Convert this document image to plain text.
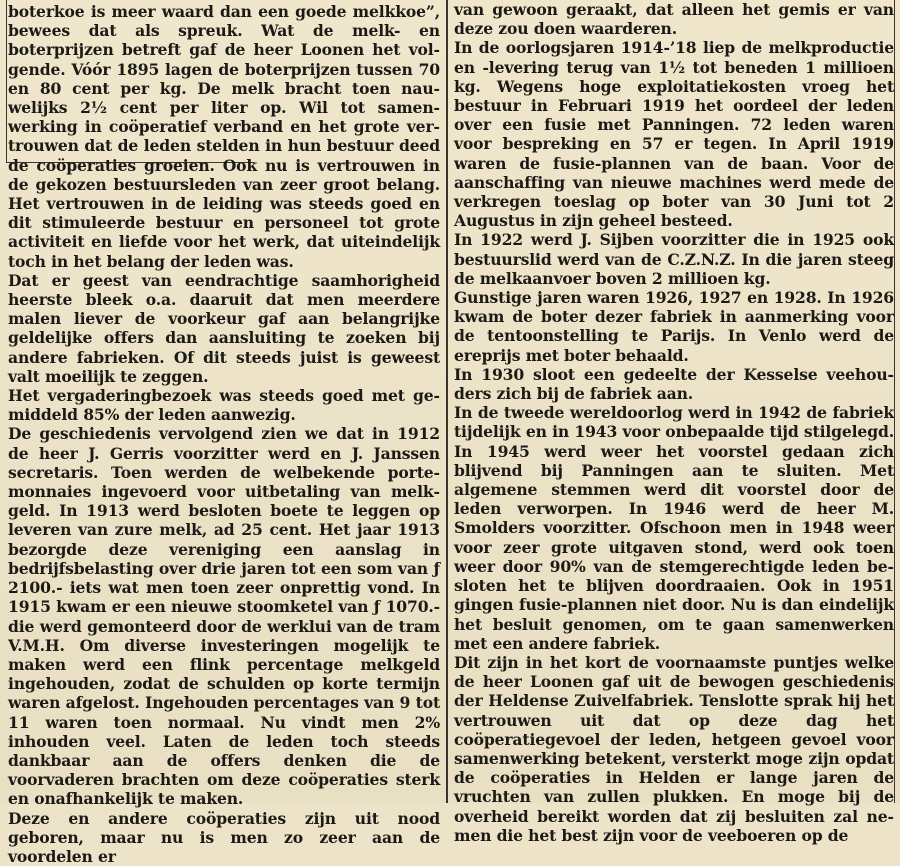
boterkoe is meer waard dan een goede melkkoe”, bewees dat als spreuk. Wat de melk- en boterprijzen betreft gaf de heer Loonen het volgende. Vóór 1895 lagen de boterprijzen tussen 70 en 80 cent per kg. De melk bracht toen nauwelijks 2½ cent per liter op. Wil tot samenwerking in coöperatief verband en het grote vertrouwen dat de leden stelden in hun bestuur deed de coöperaties groeien. Ook nu is vertrouwen in de gekozen bestuursleden van zeer groot belang. Het vertrouwen in de leiding was steeds goed en dit stimuleerde bestuur en personeel tot grote activiteit en liefde voor het werk, dat uiteindelijk toch in het belang der leden was.

Dat er geest van eendrachtige saamhorigheid heerste bleek o.a. daaruit dat men meerdere malen liever de voorkeur gaf aan belangrijke geldelijke offers dan aansluiting te zoeken bij andere fabrieken. Of dit steeds juist is geweest valt moeilijk te zeggen.

Het vergaderingbezoek was steeds goed met gemiddeld 85% der leden aanwezig.

De geschiedenis vervolgend zien we dat in 1912 de heer J. Gerris voorzitter werd en J. Janssen secretaris. Toen werden de welbekende portemonnaies ingevoerd voor uitbetaling van melkgeld. In 1913 werd besloten boete te leggen op leveren van zure melk, ad 25 cent. Het jaar 1913 bezorgde deze vereniging een aanslag in bedrijfsbelasting over drie jaren tot een som van ƒ 2100.- iets wat men toen zeer onprettig vond. In 1915 kwam er een nieuwe stoomketel van ƒ 1070.- die werd gemonteerd door de werklui van de tram V.M.H. Om diverse investeringen mogelijk te maken werd een flink percentage melkgeld ingehouden, zodat de schulden op korte termijn waren afgelost. Ingehouden percentages van 9 tot 11 waren toen normaal. Nu vindt men 2% inhouden veel. Laten de leden toch steeds dankbaar aan de offers denken die de voorvaderen brachten om deze coöperaties sterk en onafhankelijk te maken.

Deze en andere coöperaties zijn uit nood geboren, maar nu is men zo zeer aan de voordelen er

van gewoon geraakt, dat alleen het gemis er van deze zou doen waarderen.

In de oorlogsjaren 1914-’18 liep de melkproductie en -levering terug van 1½ tot beneden 1 millioen kg. Wegens hoge exploitatiekosten vroeg het bestuur in Februari 1919 het oordeel der leden over een fusie met Panningen. 72 leden waren voor bespreking en 57 er tegen. In April 1919 waren de fusie-plannen van de baan. Voor de aanschaffing van nieuwe machines werd mede de verkregen toeslag op boter van 30 Juni tot 2 Augustus in zijn geheel besteed.

In 1922 werd J. Sijben voorzitter die in 1925 ook bestuurslid werd van de C.Z.N.Z. In die jaren steeg de melkaanvoer boven 2 millioen kg.

Gunstige jaren waren 1926, 1927 en 1928. In 1926 kwam de boter dezer fabriek in aanmerking voor de tentoonstelling te Parijs. In Venlo werd de ereprijs met boter behaald.

In 1930 sloot een gedeelte der Kesselse veehouders zich bij de fabriek aan.

In de tweede wereldoorlog werd in 1942 de fabriek tijdelijk en in 1943 voor onbepaalde tijd stilgelegd. In 1945 werd weer het voorstel gedaan zich blijvend bij Panningen aan te sluiten. Met algemene stemmen werd dit voorstel door de leden verworpen. In 1946 werd de heer M. Smolders voorzitter. Ofschoon men in 1948 weer voor zeer grote uitgaven stond, werd ook toen weer door 90% van de stemgerechtigde leden besloten het te blijven doordraaien. Ook in 1951 gingen fusie-plannen niet door. Nu is dan eindelijk het besluit genomen, om te gaan samenwerken met een andere fabriek.

Dit zijn in het kort de voornaamste puntjes welke de heer Loonen gaf uit de bewogen geschiedenis der Heldense Zuivelfabriek. Tenslotte sprak hij het vertrouwen uit dat op deze dag het coöperatiegevoel der leden, hetgeen gevoel voor samenwerking betekent, versterkt moge zijn opdat de coöperaties in Helden er lange jaren de vruchten van zullen plukken. En moge bij de overheid bereikt worden dat zij besluiten zal nemen die het best zijn voor de veeboeren op de
